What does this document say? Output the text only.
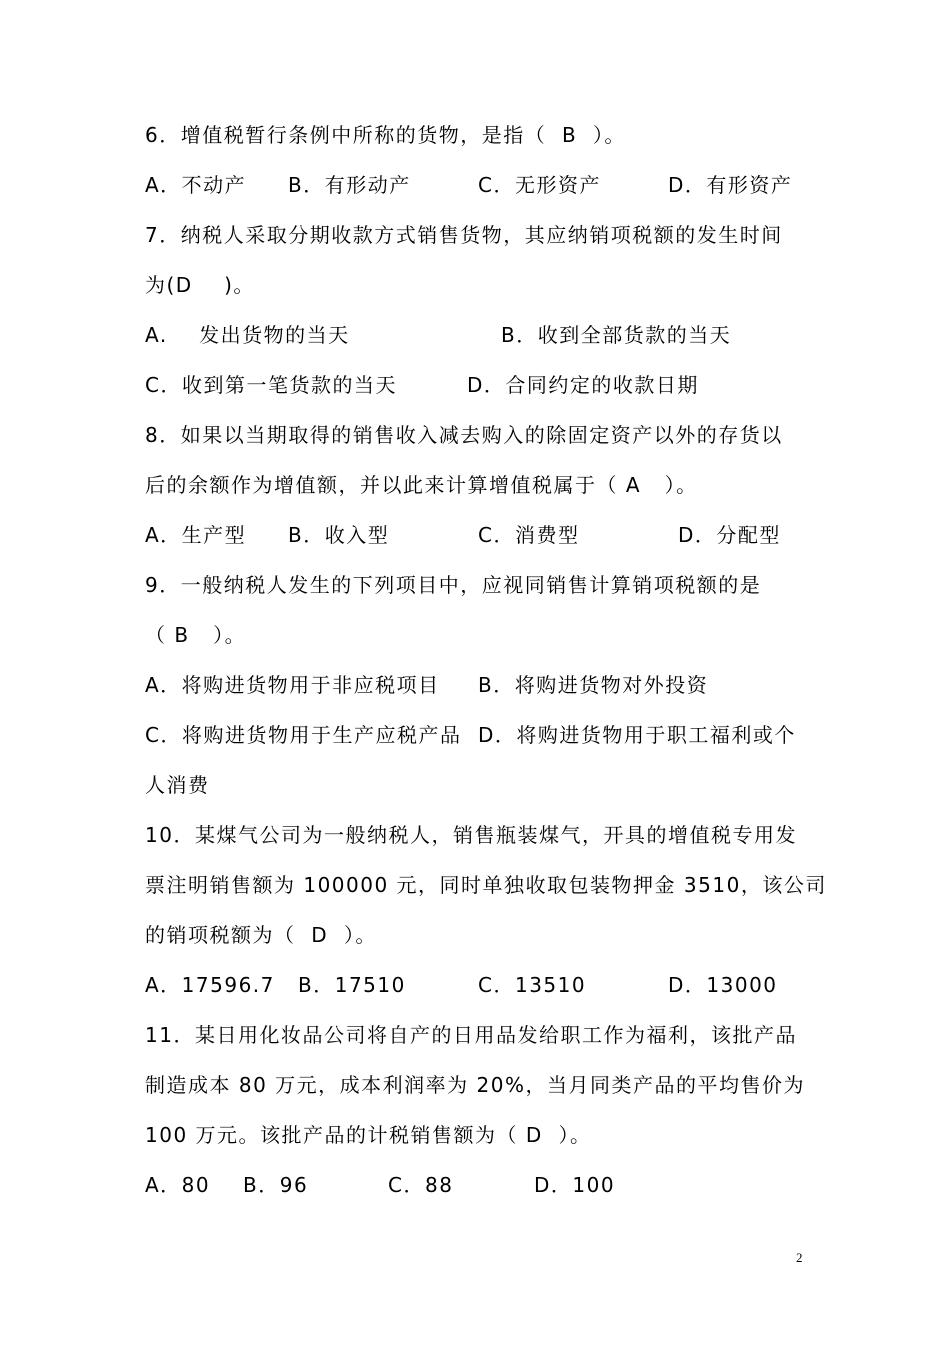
6．增值税暂行条例中所称的货物，是指（  B  ）。

A．不动产

B．有形动产

	C．无形资产

	D．有形资产

7．纳税人采取分期收款方式销售货物，其应纳销项税额的发生时间
为(D    )。

A.    发出货物的当天

	B．收到全部货款的当天

C．收到第一笔货款的当天

	D．合同约定的收款日期

8．如果以当期取得的销售收入减去购入的除固定资产以外的存货以
后的余额作为增值额，并以此来计算增值税属于（ A   ）。

A．生产型

B．收入型

	C．消费型

	D．分配型

9．一般纳税人发生的下列项目中，应视同销售计算销项税额的是
（ B   ）。

A．将购进货物用于非应税项目

B．将购进货物对外投资

C．将购进货物用于生产应税产品

D．将购进货物用于职工福利或个

人消费
10．某煤气公司为一般纳税人，销售瓶装煤气，开具的增值税专用发
票注明销售额为 100000 元，同时单独收取包装物押金 3510，该公司
的销项税额为（  D  ）。

A．17596.7

B．17510

	C．13510

	D．13000

11．某日用化妆品公司将自产的日用品发给职工作为福利，该批产品
制造成本 80 万元，成本利润率为 20%，当月同类产品的平均售价为
100 万元。该批产品的计税销售额为（ D  ）。

A．80

B．96

	C．88

	D．100

2
